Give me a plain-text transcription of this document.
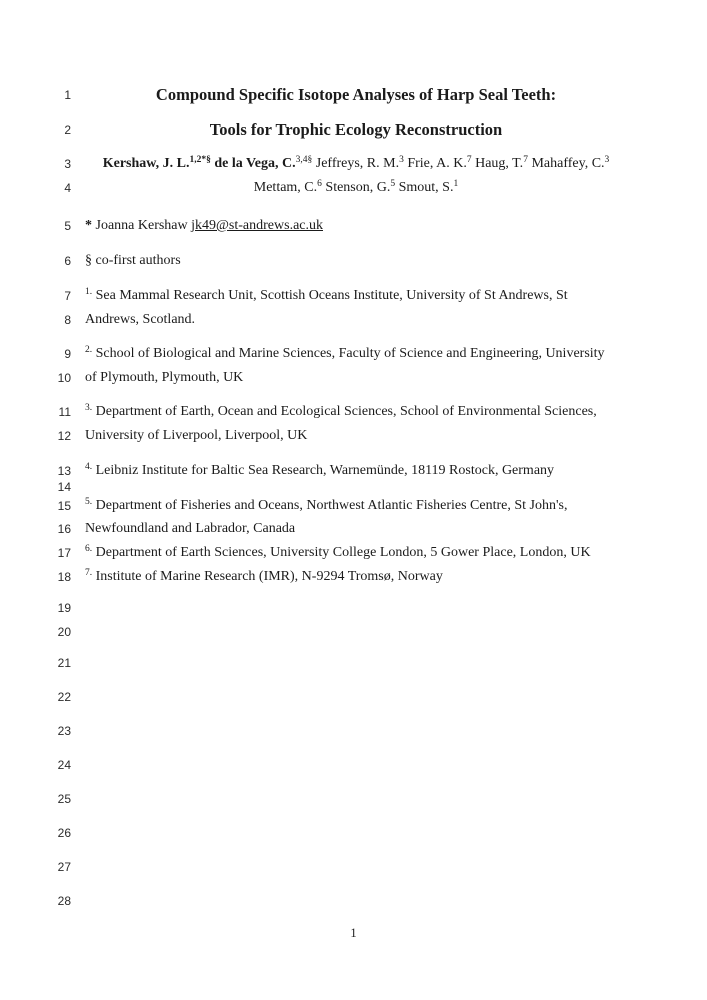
1	Compound Specific Isotope Analyses of Harp Seal Teeth:
2	Tools for Trophic Ecology Reconstruction
3	Kershaw, J. L.$^{1,2*\S}$ de la Vega, C.$^{3,4\S}$ Jeffreys, R. M.$^3$ Frie, A. K.$^7$ Haug, T.$^7$ Mahaffey, C.$^3$
4	Mettam, C.$^6$ Stenson, G.$^5$ Smout, S.$^1$
5 * Joanna Kershaw jk49@st-andrews.ac.uk
6 § co-first authors
7 $^{1.}$ Sea Mammal Research Unit, Scottish Oceans Institute, University of St Andrews, St
8 Andrews, Scotland.
9 $^{2.}$ School of Biological and Marine Sciences, Faculty of Science and Engineering, University
10 of Plymouth, Plymouth, UK
11 $^{3.}$ Department of Earth, Ocean and Ecological Sciences, School of Environmental Sciences,
12 University of Liverpool, Liverpool, UK
13 $^{4.}$ Leibniz Institute for Baltic Sea Research, Warnemünde, 18119 Rostock, Germany
14
15 $^{5.}$ Department of Fisheries and Oceans, Northwest Atlantic Fisheries Centre, St John's,
16 Newfoundland and Labrador, Canada
17 $^{6.}$ Department of Earth Sciences, University College London, 5 Gower Place, London, UK
18 $^{7.}$ Institute of Marine Research (IMR), N-9294 Tromsø, Norway
19
20
21
22
23
24
25
26
27
28
1
